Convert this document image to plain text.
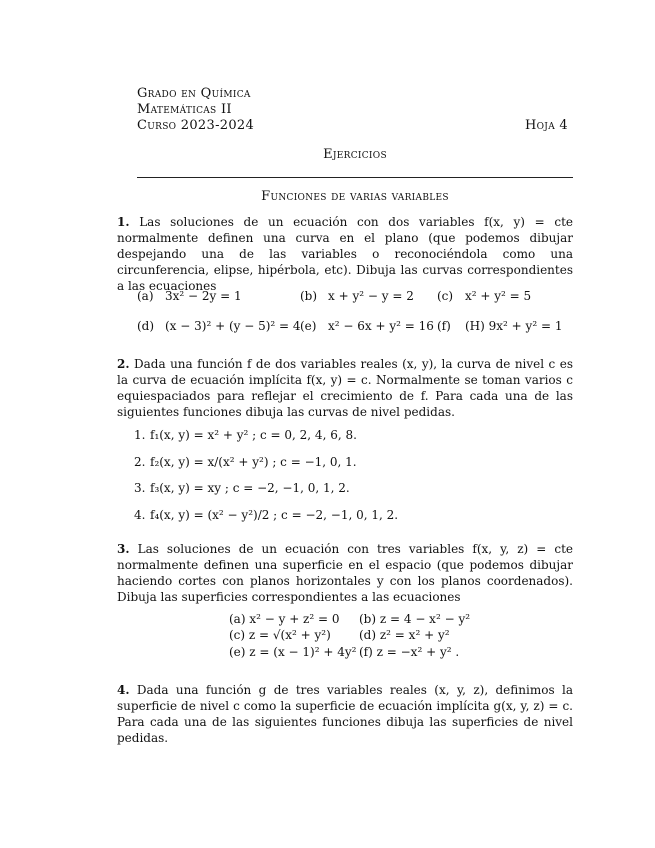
Grado en Química
Matemáticas II
Curso 2023-2024	Hoja 4
Ejercicios
Funciones de varias variables
1. Las soluciones de un ecuación con dos variables f(x, y) = cte normalmente definen una curva en el plano (que podemos dibujar despejando una de las variables o reconociéndola como una circunferencia, elipse, hipérbola, etc). Dibuja las curvas correspondientes a las ecuaciones
(a) 3x² − 2y = 1	(b) x + y² − y = 2 (c) x² + y² = 5
(d) (x − 3)² + (y − 5)² = 4 (e) x² − 6x + y² = 16 (f) (H) 9x² + y² = 1
2. Dada una función f de dos variables reales (x, y), la curva de nivel c es la curva de ecuación implícita f(x, y) = c. Normalmente se toman varios c equiespaciados para reflejar el crecimiento de f. Para cada una de las siguientes funciones dibuja las curvas de nivel pedidas.
1. f₁(x, y) = x² + y² ; c = 0, 2, 4, 6, 8.
2. f₂(x, y) = x/(x² + y²) ; c = −1, 0, 1.
3. f₃(x, y) = xy ; c = −2, −1, 0, 1, 2.
4. f₄(x, y) = (x² − y²)/2 ; c = −2, −1, 0, 1, 2.
3. Las soluciones de un ecuación con tres variables f(x, y, z) = cte normalmente definen una superficie en el espacio (que podemos dibujar haciendo cortes con planos horizontales y con los planos coordenados). Dibuja las superficies correspondientes a las ecuaciones
(a) x² − y + z² = 0 (b) z = 4 − x² − y²
(c) z = √(x² + y²) (d) z² = x² + y²
(e) z = (x − 1)² + 4y² (f) z = −x² + y² .
4. Dada una función g de tres variables reales (x, y, z), definimos la superficie de nivel c como la superficie de ecuación implícita g(x, y, z) = c. Para cada una de las siguientes funciones dibuja las superficies de nivel pedidas.
